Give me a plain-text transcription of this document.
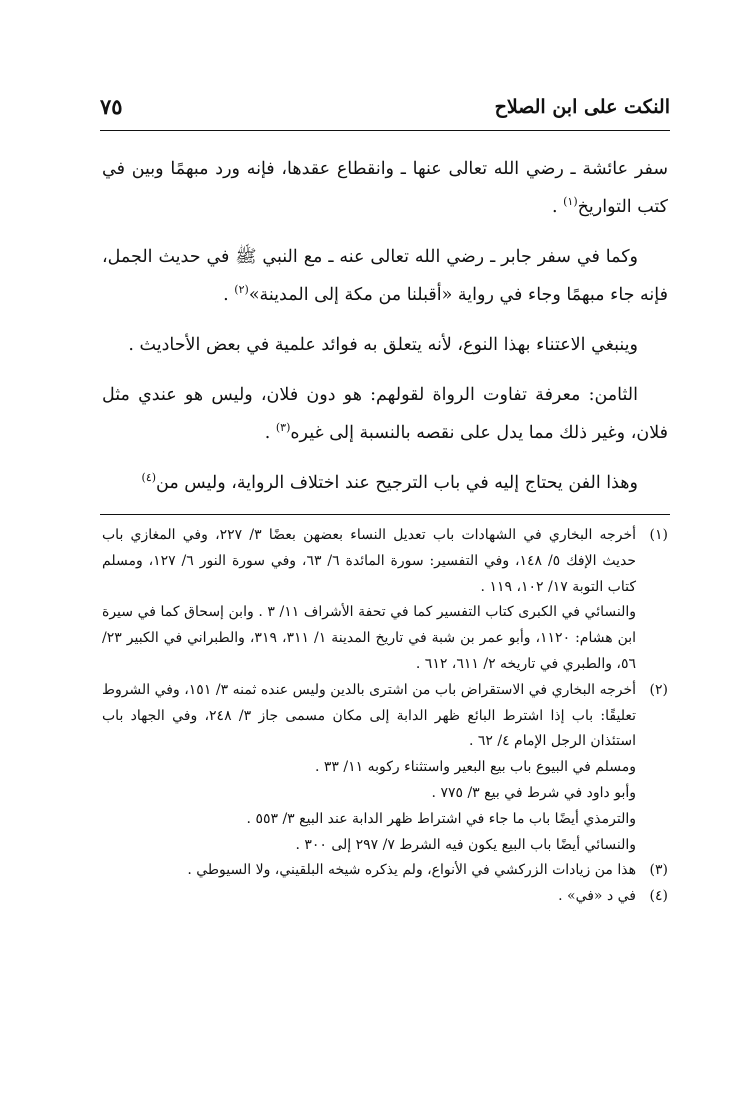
النكت على ابن الصلاح
٧٥

سفر عائشة ـ رضي الله تعالى عنها ـ وانقطاع عقدها، فإنه ورد مبهمًا وبين في كتب التواريخ$^{(١)}$ .

وكما في سفر جابر ـ رضي الله تعالى عنه ـ مع النبي ﷺ في حديث الجمل، فإنه جاء مبهمًا وجاء في رواية «أقبلنا من مكة إلى المدينة»$^{(٢)}$ .

وينبغي الاعتناء بهذا النوع، لأنه يتعلق به فوائد علمية في بعض الأحاديث .

الثامن: معرفة تفاوت الرواة لقولهم: هو دون فلان، وليس هو عندي مثل فلان، وغير ذلك مما يدل على نقصه بالنسبة إلى غيره$^{(٣)}$ .

وهذا الفن يحتاج إليه في باب الترجيح عند اختلاف الرواية، وليس من$^{(٤)}$

(١)

أخرجه البخاري في الشهادات باب تعديل النساء بعضهن بعضًا ٣/ ٢٢٧، وفي المغازي باب حديث الإفك ٥/ ١٤٨، وفي التفسير: سورة المائدة ٦/ ٦٣، وفي سورة النور ٦/ ١٢٧، ومسلم كتاب التوبة ١٧/ ١٠٢، ١١٩ .

والنسائي في الكبرى كتاب التفسير كما في تحفة الأشراف ١١/ ٣ . وابن إسحاق كما في سيرة ابن هشام: ١١٢٠، وأبو عمر بن شبة في تاريخ المدينة ١/ ٣١١، ٣١٩، والطبراني في الكبير ٢٣/ ٥٦، والطبري في تاريخه ٢/ ٦١١، ٦١٢ .

(٢)

أخرجه البخاري في الاستقراض باب من اشترى بالدين وليس عنده ثمنه ٣/ ١٥١، وفي الشروط تعليقًا: باب إذا اشترط البائع ظهر الدابة إلى مكان مسمى جاز ٣/ ٢٤٨، وفي الجهاد باب استئذان الرجل الإمام ٤/ ٦٢ .

ومسلم في البيوع باب بيع البعير واستثناء ركوبه ١١/ ٣٣ .

وأبو داود في شرط في بيع ٣/ ٧٧٥ .

والترمذي أيضًا باب ما جاء في اشتراط ظهر الدابة عند البيع ٣/ ٥٥٣ .

والنسائي أيضًا باب البيع يكون فيه الشرط ٧/ ٢٩٧ إلى ٣٠٠ .

(٣)

هذا من زيادات الزركشي في الأنواع، ولم يذكره شيخه البلقيني، ولا السيوطي .

(٤)

في د «في» .
